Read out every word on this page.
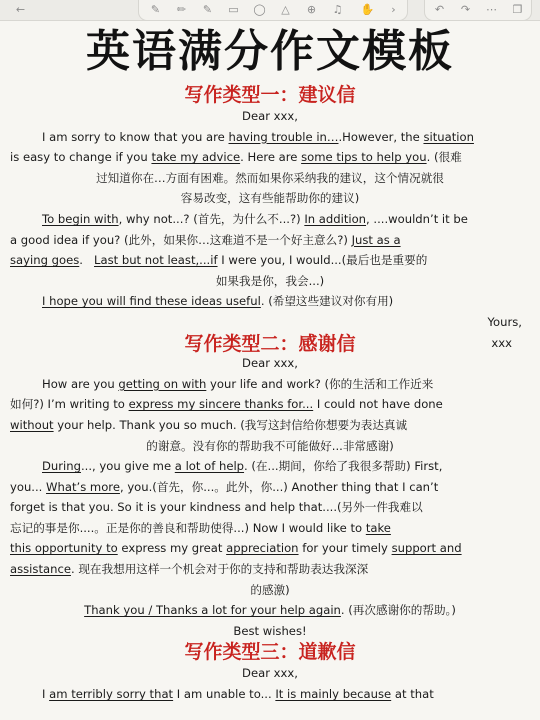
←	✎	✏	✎	▭ ◯	△	⊕	♫	✋	›	↶	↷	⋯	❐
英语满分作文模板
写作类型一：建议信

Dear xxx,

I am sorry to know that you are having trouble in….However, the situation

is easy to change if you take my advice. Here are some tips to help you. (很难

过知道你在…方面有困难。然而如果你采纳我的建议，这个情况就很

容易改变，这有些能帮助你的建议)

To begin with, why not...? (首先，为什么不...?) In addition, ....wouldn’t it be

a good idea if you? (此外，如果你…这难道不是一个好主意么?) Just as a

saying goes.   Last but not least,...if I were you, I would...(最后也是重要的

如果我是你，我会...)

I hope you will find these ideas useful. (希望这些建议对你有用)

Yours,

写作类型二：感谢信	xxx

Dear xxx,

How are you getting on with your life and work? (你的生活和工作近来

如何?) I’m writing to express my sincere thanks for... I could not have done

without your help. Thank you so much. (我写这封信给你想要为表达真诚

的谢意。没有你的帮助我不可能做好...非常感谢)

During..., you give me a lot of help. (在...期间，你给了我很多帮助) First,

you... What’s more, you.(首先，你...。此外，你...) Another thing that I can’t

forget is that you. So it is your kindness and help that....(另外一件我难以

忘记的事是你....。正是你的善良和帮助使得...) Now I would like to take

this opportunity to express my great appreciation for your timely support and

assistance. 现在我想用这样一个机会对于你的支持和帮助表达我深深

的感激)

Thank you / Thanks a lot for your help again. (再次感谢你的帮助。)

Best wishes!

写作类型三：道歉信

Dear xxx,

I am terribly sorry that I am unable to... It is mainly because at that
